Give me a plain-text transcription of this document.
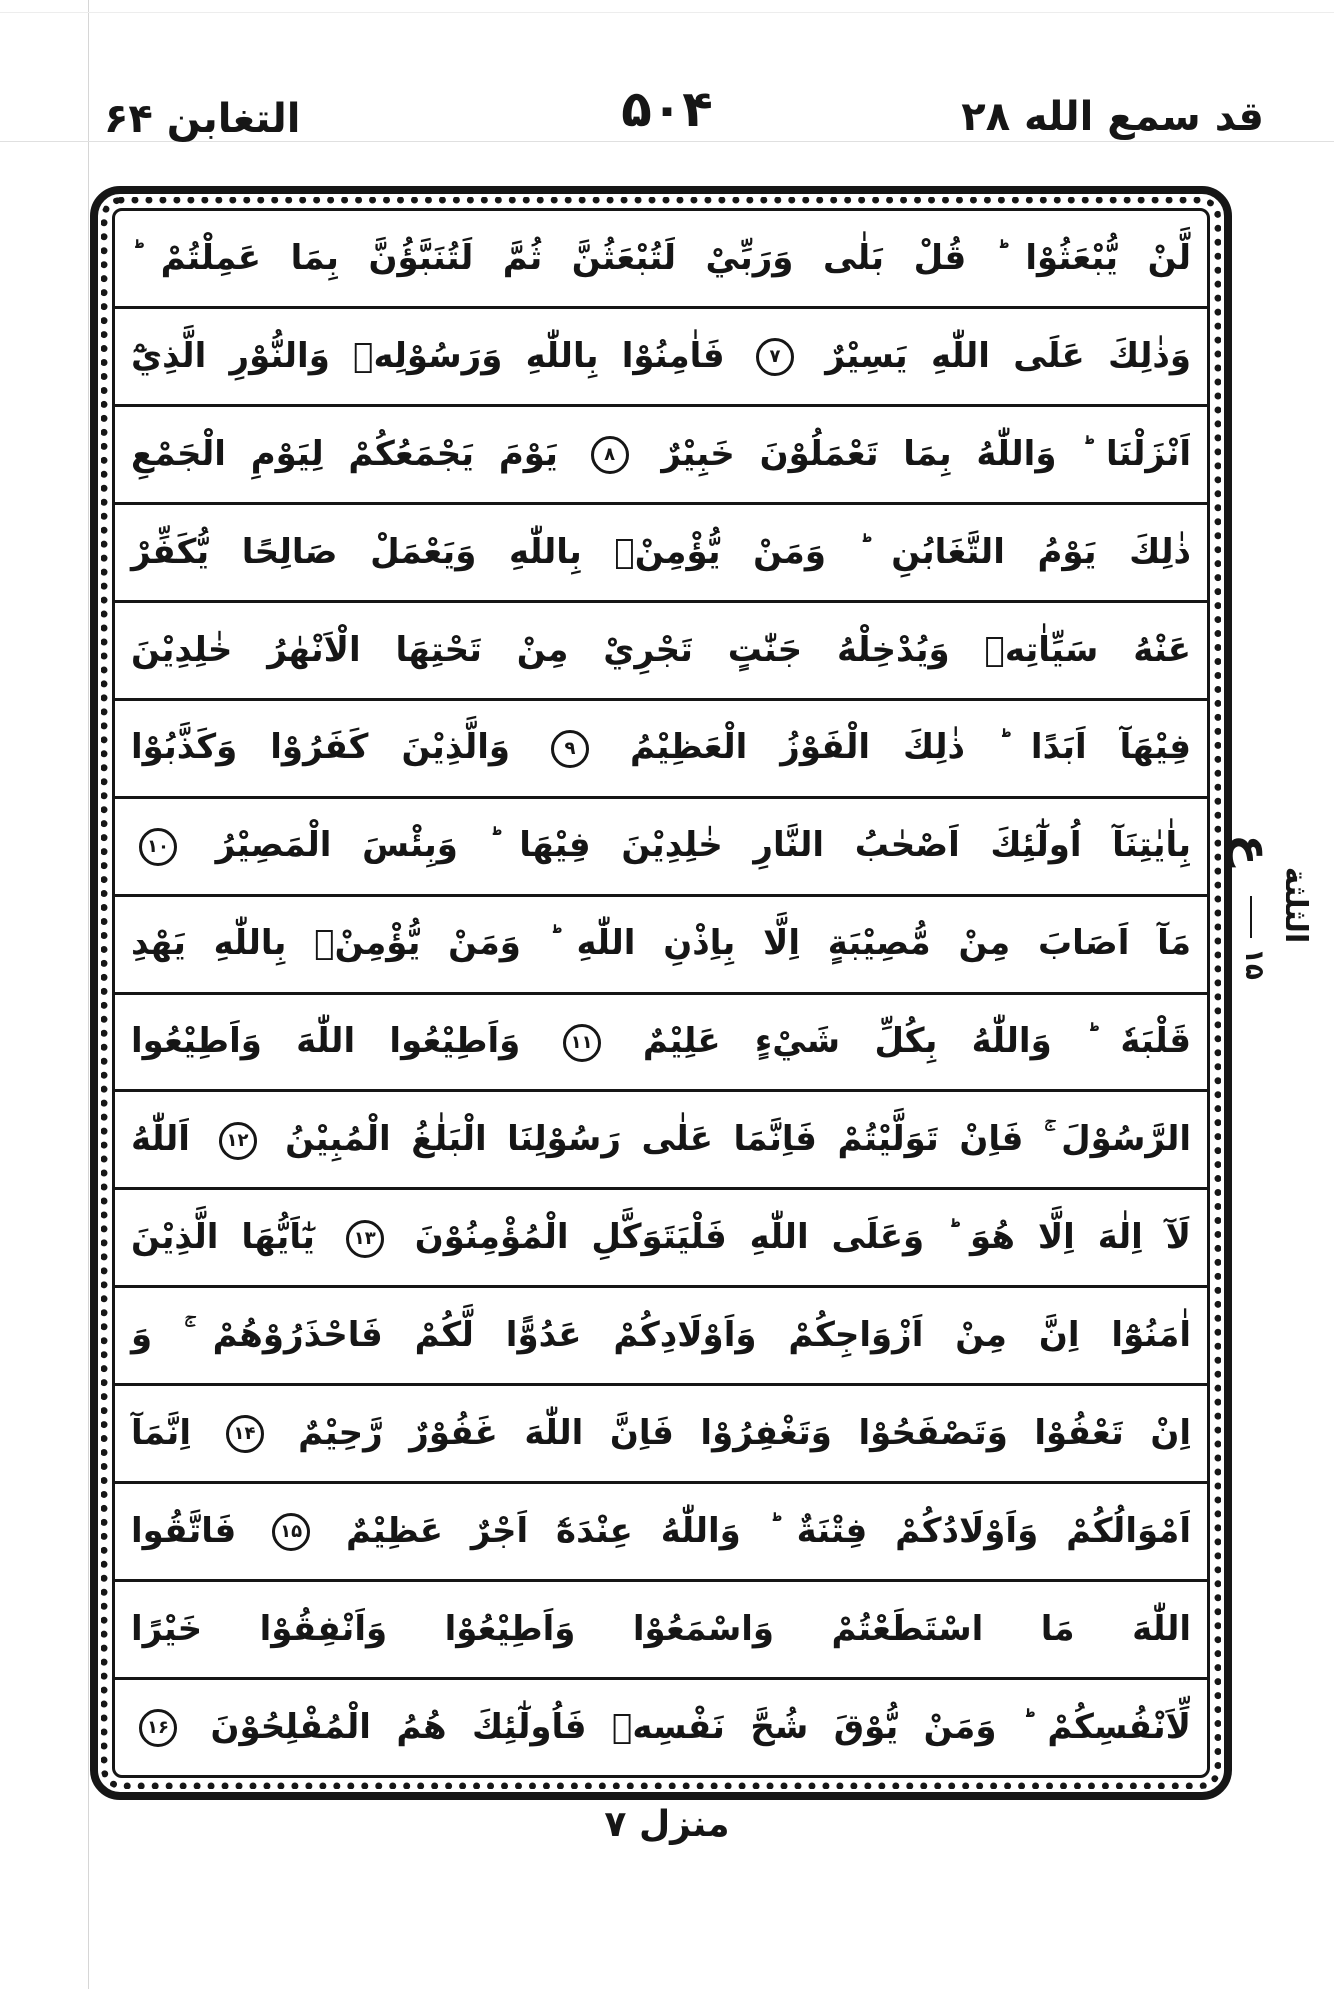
التغابن ۶۴	۵۰۴	قد سمع الله ۲۸
لَّنْ يُّبْعَثُوْا ؕ قُلْ بَلٰى وَرَبِّيْ لَتُبْعَثُنَّ ثُمَّ لَتُنَبَّؤُنَّ بِمَا عَمِلْتُمْ ؕ
وَذٰلِكَ عَلَى اللّٰهِ يَسِيْرٌ ۷ فَاٰمِنُوْا بِاللّٰهِ وَرَسُوْلِهٖ وَالنُّوْرِ الَّذِيْٓ
اَنْزَلْنَا ؕ وَاللّٰهُ بِمَا تَعْمَلُوْنَ خَبِيْرٌ ۸ يَوْمَ يَجْمَعُكُمْ لِيَوْمِ الْجَمْعِ
ذٰلِكَ يَوْمُ التَّغَابُنِ ؕ وَمَنْ يُّؤْمِنْۢ بِاللّٰهِ وَيَعْمَلْ صَالِحًا يُّكَفِّرْ
عَنْهُ سَيِّاٰتِهٖ وَيُدْخِلْهُ جَنّٰتٍ تَجْرِيْ مِنْ تَحْتِهَا الْاَنْهٰرُ خٰلِدِيْنَ
فِيْهَآ اَبَدًا ؕ ذٰلِكَ الْفَوْزُ الْعَظِيْمُ ۹ وَالَّذِيْنَ كَفَرُوْا وَكَذَّبُوْا
بِاٰيٰتِنَآ اُولٰٓئِكَ اَصْحٰبُ النَّارِ خٰلِدِيْنَ فِيْهَا ؕ وَبِئْسَ الْمَصِيْرُ ۱۰
مَآ اَصَابَ مِنْ مُّصِيْبَةٍ اِلَّا بِاِذْنِ اللّٰهِ ؕ وَمَنْ يُّؤْمِنْۢ بِاللّٰهِ يَهْدِ
قَلْبَهٗ ؕ وَاللّٰهُ بِكُلِّ شَيْءٍ عَلِيْمٌ ۱۱ وَاَطِيْعُوا اللّٰهَ وَاَطِيْعُوا
الرَّسُوْلَ ۚ فَاِنْ تَوَلَّيْتُمْ فَاِنَّمَا عَلٰى رَسُوْلِنَا الْبَلٰغُ الْمُبِيْنُ ۱۲ اَللّٰهُ
لَآ اِلٰهَ اِلَّا هُوَ ؕ وَعَلَى اللّٰهِ فَلْيَتَوَكَّلِ الْمُؤْمِنُوْنَ ۱۳ يٰٓاَيُّهَا الَّذِيْنَ
اٰمَنُوْٓا اِنَّ مِنْ اَزْوَاجِكُمْ وَاَوْلَادِكُمْ عَدُوًّا لَّكُمْ فَاحْذَرُوْهُمْ ۚ وَ
اِنْ تَعْفُوْا وَتَصْفَحُوْا وَتَغْفِرُوْا فَاِنَّ اللّٰهَ غَفُوْرٌ رَّحِيْمٌ ۱۴ اِنَّمَآ
اَمْوَالُكُمْ وَاَوْلَادُكُمْ فِتْنَةٌ ؕ وَاللّٰهُ عِنْدَهٗٓ اَجْرٌ عَظِيْمٌ ۱۵ فَاتَّقُوا
اللّٰهَ مَا اسْتَطَعْتُمْ وَاسْمَعُوْا وَاَطِيْعُوْا وَاَنْفِقُوْا خَيْرًا
لِّاَنْفُسِكُمْ ؕ وَمَنْ يُّوْقَ شُحَّ نَفْسِهٖ فَاُولٰٓئِكَ هُمُ الْمُفْلِحُوْنَ ۱۶
الثلثة
ع
۱۵
منزل ۷
